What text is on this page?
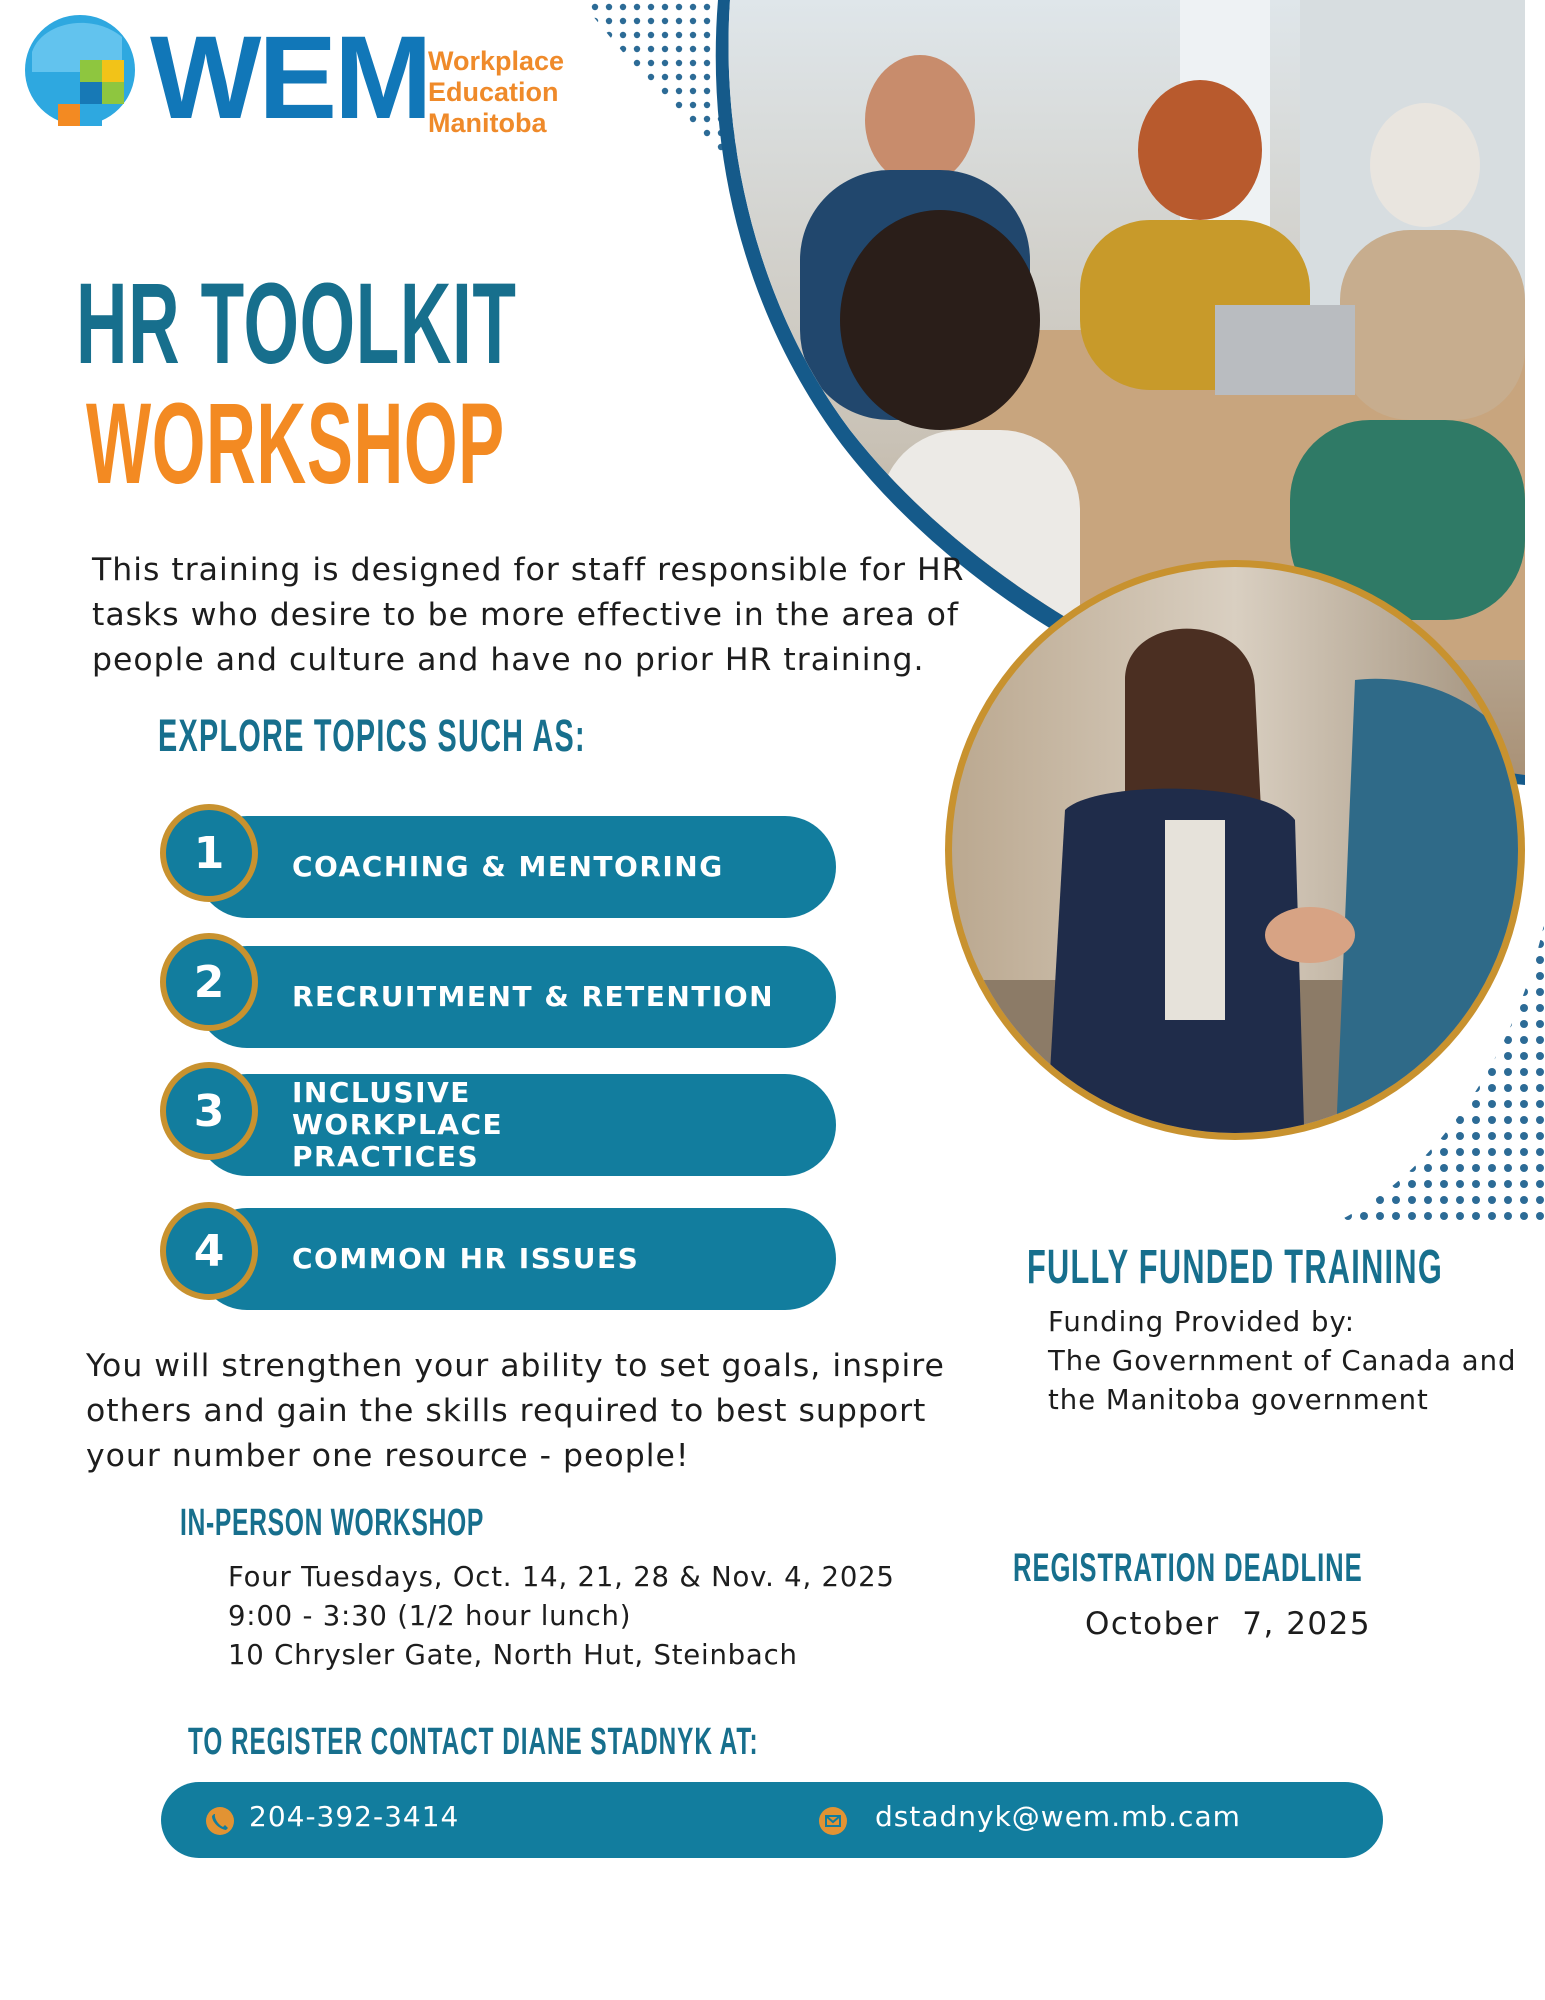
WEM
Workplace
Education
Manitoba
HR TOOLKIT
WORKSHOP
This training is designed for staff responsible for HR
tasks who desire to be more effective in the area of
people and culture and have no prior HR training.
EXPLORE TOPICS SUCH AS:
COACHING & MENTORING
1
RECRUITMENT & RETENTION
2
INCLUSIVE WORKPLACE PRACTICES
3
COMMON HR ISSUES
4
You will strengthen your ability to set goals, inspire
others and gain the skills required to best support
your number one resource - people!
IN-PERSON WORKSHOP
Four Tuesdays, Oct. 14, 21, 28 & Nov. 4, 2025
9:00 - 3:30 (1/2 hour lunch)
10 Chrysler Gate, North Hut, Steinbach
TO REGISTER CONTACT DIANE STADNYK AT:
204-392-3414	dstadnyk@wem.mb.cam
FULLY FUNDED TRAINING
Funding Provided by:
The Government of Canada and
the Manitoba government
REGISTRATION DEADLINE
October  7, 2025
